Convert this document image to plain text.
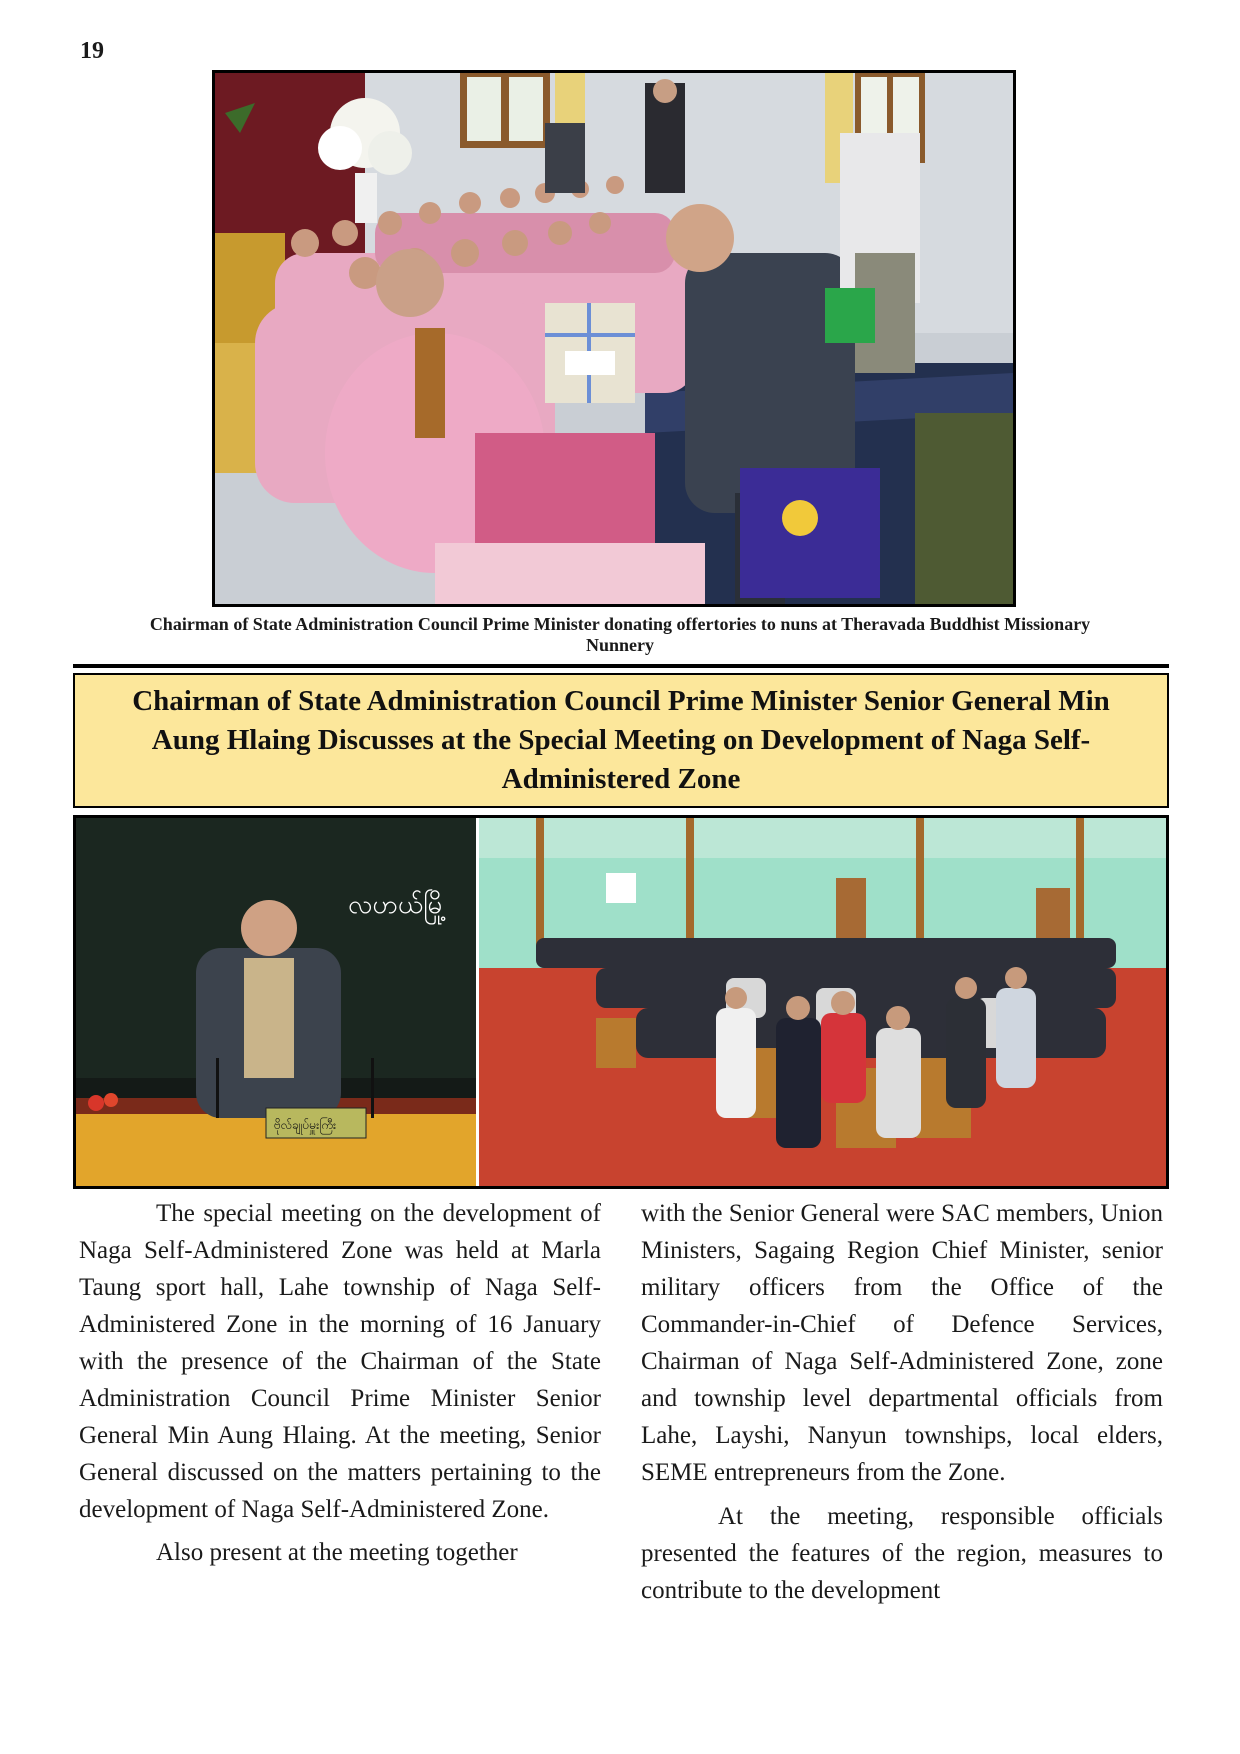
19
Chairman of State Administration Council Prime Minister donating offertories to nuns at Theravada Buddhist Missionary Nunnery
Chairman of State Administration Council Prime Minister Senior General Min Aung Hlaing Discusses at the Special Meeting on Development of Naga Self-Administered Zone
လဟယ်မြို့
ဗိုလ်ချုပ်မှူးကြီး

The special meeting on the development of Naga Self-Administered Zone was held at Marla Taung sport hall, Lahe township of Naga Self-Administered Zone in the morning of 16 January with the presence of the Chairman of the State Administration Council Prime Minister Senior General Min Aung Hlaing. At the meeting, Senior General discussed on the matters pertaining to the development of Naga Self-Administered Zone.

Also present at the meeting together

with the Senior General were SAC members, Union Ministers, Sagaing Region Chief Minister, senior military officers from the Office of the Commander-in-Chief of Defence Services, Chairman of Naga Self-Administered Zone, zone and township level departmental officials from Lahe, Layshi, Nanyun townships, local elders, SEME entrepreneurs from the Zone.

At the meeting, responsible officials presented the features of the region, measures to contribute to the development
